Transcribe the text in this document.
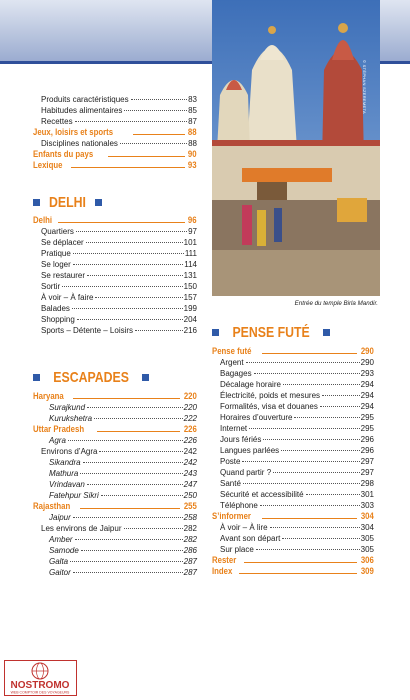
© STÉPHAN SZEREMETA
Entrée du temple Birla Mandir.
Produits caractéristiques	83
Habitudes alimentaires	85
Recettes	87
Jeux, loisirs et sports	88
Disciplines nationales	88
Enfants du pays	90
Lexique	93
DELHI
Delhi	96
Quartiers	97
Se déplacer	101
Pratique	111
Se loger	114
Se restaurer	131
Sortir	150
À voir – À faire	157
Balades	199
Shopping	204
Sports – Détente – Loisirs	216
ESCAPADES
Haryana	220
Surajkund	220
Kurukshetra	222
Uttar Pradesh	226
Agra	226
Environs d’Agra	242
Sikandra	242
Mathura	243
Vrindavan	247
Fatehpur Sikri	250
Rajasthan	255
Jaipur	258
Les environs de Jaipur	282
Amber	282
Samode	286
Galta	287
Gaitor	287
PENSE FUTÉ
Pense futé	290
Argent	290
Bagages	293
Décalage horaire	294
Électricité, poids et mesures	294
Formalités, visa et douanes	294
Horaires d’ouverture	295
Internet	295
Jours fériés	296
Langues parlées	296
Poste	297
Quand partir ?	297
Santé	298
Sécurité et accessibilité	301
Téléphone	303
S’informer	304
À voir – À lire	304
Avant son départ	305
Sur place	305
Rester	306
Index	309
NOSTROMO
WEB COMPTOIR DES VOYAGEURS
